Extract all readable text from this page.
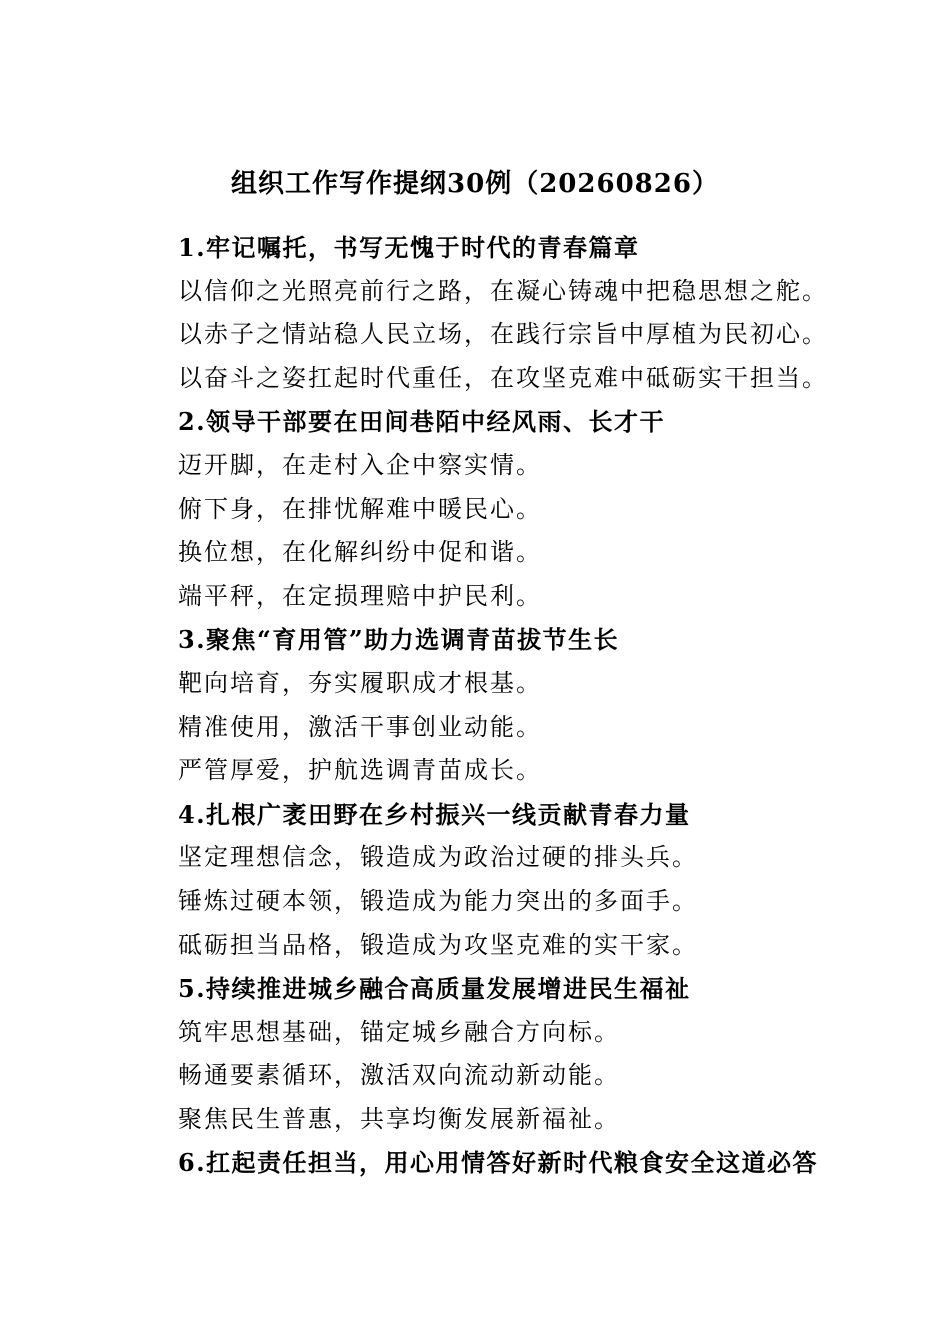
组织工作写作提纲30例（20260826）
1.牢记嘱托，书写无愧于时代的青春篇章
以信仰之光照亮前行之路，在凝心铸魂中把稳思想之舵。
以赤子之情站稳人民立场，在践行宗旨中厚植为民初心。
以奋斗之姿扛起时代重任，在攻坚克难中砥砺实干担当。
2.领导干部要在田间巷陌中经风雨、长才干
迈开脚，在走村入企中察实情。
俯下身，在排忧解难中暖民心。
换位想，在化解纠纷中促和谐。
端平秤，在定损理赔中护民利。
3.聚焦“育用管”助力选调青苗拔节生长
靶向培育，夯实履职成才根基。
精准使用，激活干事创业动能。
严管厚爱，护航选调青苗成长。
4.扎根广袤田野在乡村振兴一线贡献青春力量
坚定理想信念，锻造成为政治过硬的排头兵。
锤炼过硬本领，锻造成为能力突出的多面手。
砥砺担当品格，锻造成为攻坚克难的实干家。
5.持续推进城乡融合高质量发展增进民生福祉
筑牢思想基础，锚定城乡融合方向标。
畅通要素循环，激活双向流动新动能。
聚焦民生普惠，共享均衡发展新福祉。
6.扛起责任担当，用心用情答好新时代粮食安全这道必答
